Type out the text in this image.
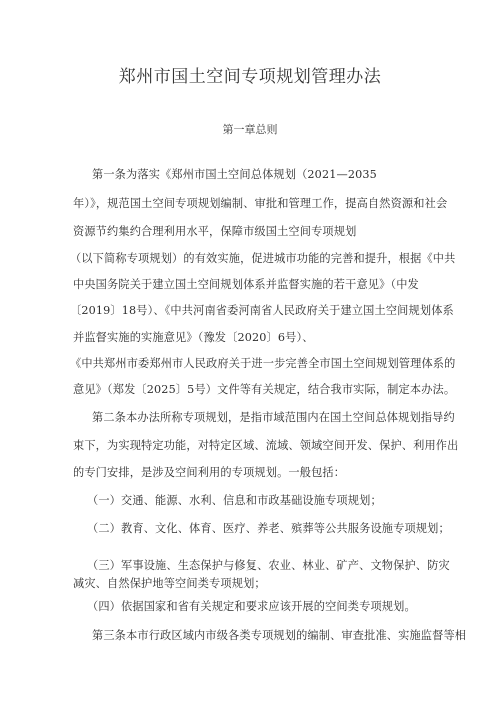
郑州市国土空间专项规划管理办法
第一章总则
第一条为落实《郑州市国土空间总体规划（2021—2035
年）》，规范国土空间专项规划编制、审批和管理工作，提高自然资源和社会
资源节约集约合理利用水平，保障市级国土空间专项规划
（以下简称专项规划）的有效实施，促进城市功能的完善和提升，根据《中共
中央国务院关于建立国土空间规划体系并监督实施的若干意见》（中发
〔2019〕18号）、《中共河南省委河南省人民政府关于建立国土空间规划体系
并监督实施的实施意见》（豫发〔2020〕6号）、
《中共郑州市委郑州市人民政府关于进一步完善全市国土空间规划管理体系的
意见》（郑发〔2025〕5号）文件等有关规定，结合我市实际，制定本办法。
第二条本办法所称专项规划，是指市域范围内在国土空间总体规划指导约
束下，为实现特定功能，对特定区域、流域、领域空间开发、保护、利用作出
的专门安排，是涉及空间利用的专项规划。一般包括：
（一）交通、能源、水利、信息和市政基础设施专项规划；
（二）教育、文化、体育、医疗、养老、殡葬等公共服务设施专项规划；
（三）军事设施、生态保护与修复、农业、林业、矿产、文物保护、防灾
减灾、自然保护地等空间类专项规划；
（四）依据国家和省有关规定和要求应该开展的空间类专项规划。
第三条本市行政区域内市级各类专项规划的编制、审查批准、实施监督等相
